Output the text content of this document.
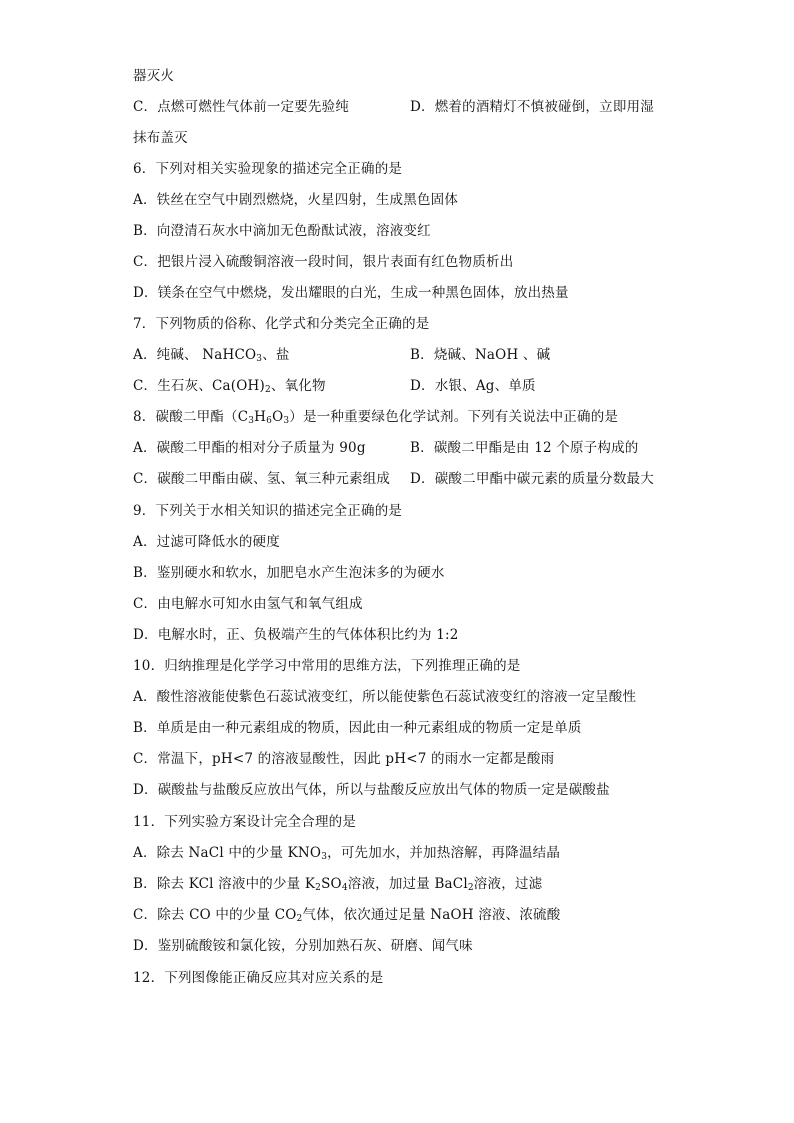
器灭火
C．点燃可燃性气体前一定要先验纯	D．燃着的酒精灯不慎被碰倒，立即用湿
抹布盖灭
6．下列对相关实验现象的描述完全正确的是
A．铁丝在空气中剧烈燃烧，火星四射，生成黑色固体
B．向澄清石灰水中滴加无色酚酞试液，溶液变红
C．把银片浸入硫酸铜溶液一段时间，银片表面有红色物质析出
D．镁条在空气中燃烧，发出耀眼的白光，生成一种黑色固体，放出热量
7．下列物质的俗称、化学式和分类完全正确的是
A．纯碱、 NaHCO$_3$、盐	B．烧碱、NaOH 、碱
C．生石灰、$Ca(OH)_2$、氧化物	D．水银、Ag、单质
8．碳酸二甲酯$(C_3H_6O_3)$是一种重要绿色化学试剂。下列有关说法中正确的是
A．碳酸二甲酯的相对分子质量为 90g	B．碳酸二甲酯是由 12 个原子构成的
C．碳酸二甲酯由碳、氢、氧三种元素组成	D．碳酸二甲酯中碳元素的质量分数最大
9．下列关于水相关知识的描述完全正确的是
A．过滤可降低水的硬度
B．鉴别硬水和软水，加肥皂水产生泡沫多的为硬水
C．由电解水可知水由氢气和氧气组成
D．电解水时，正、负极端产生的气体体积比约为 1:2
10．归纳推理是化学学习中常用的思维方法，下列推理正确的是
A．酸性溶液能使紫色石蕊试液变红，所以能使紫色石蕊试液变红的溶液一定呈酸性
B．单质是由一种元素组成的物质，因此由一种元素组成的物质一定是单质
C．常温下，pH<7 的溶液显酸性，因此 pH<7 的雨水一定都是酸雨
D．碳酸盐与盐酸反应放出气体，所以与盐酸反应放出气体的物质一定是碳酸盐
11．下列实验方案设计完全合理的是
A．除去 NaCl 中的少量 $KNO_3$，可先加水，并加热溶解，再降温结晶
B．除去 KCl 溶液中的少量 $K_2SO_4$溶液，加过量 BaCl$_2$溶液，过滤
C．除去 CO 中的少量 $CO_2$气体，依次通过足量 NaOH 溶液、浓硫酸
D．鉴别硫酸铵和氯化铵，分别加熟石灰、研磨、闻气味
12．下列图像能正确反应其对应关系的是
